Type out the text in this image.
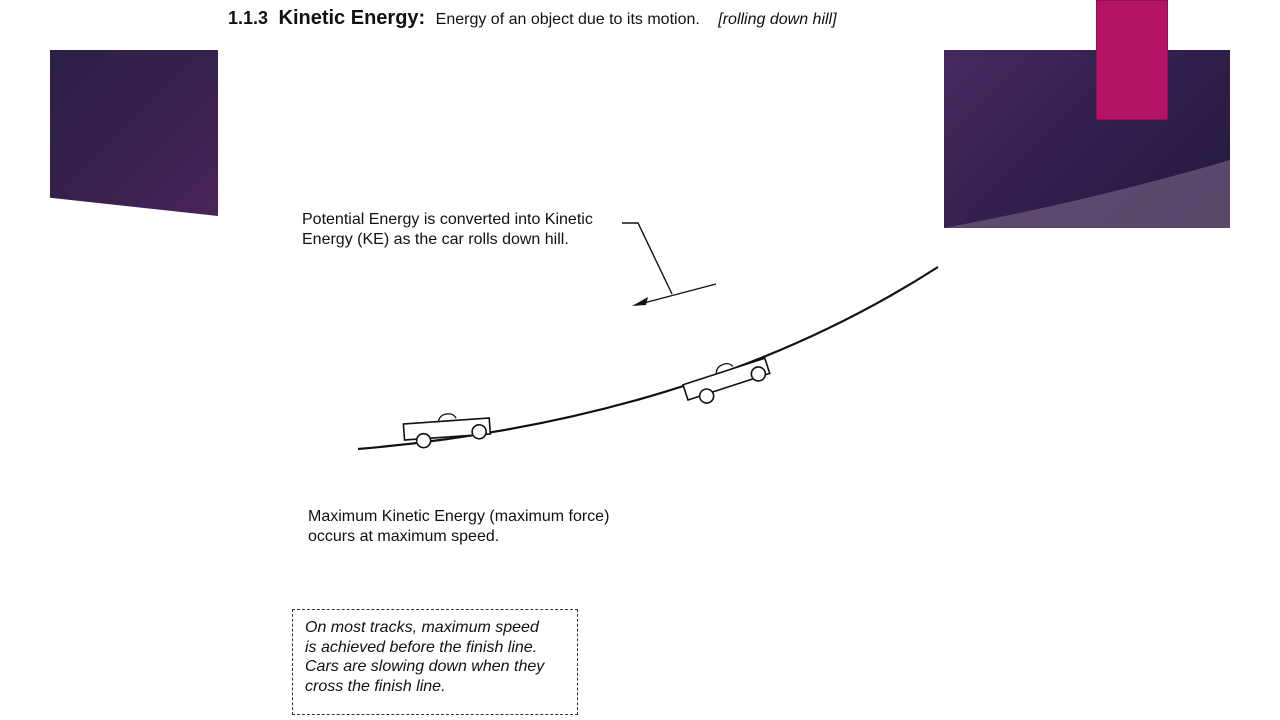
1.1.3 Kinetic Energy: Energy of an object due to its motion. [rolling down hill]
Potential Energy is converted into Kinetic
Energy (KE) as the car rolls down hill.
Maximum Kinetic Energy (maximum force)
occurs at maximum speed.
On most tracks, maximum speed
is achieved before the finish line.
Cars are slowing down when they
cross the finish line.
